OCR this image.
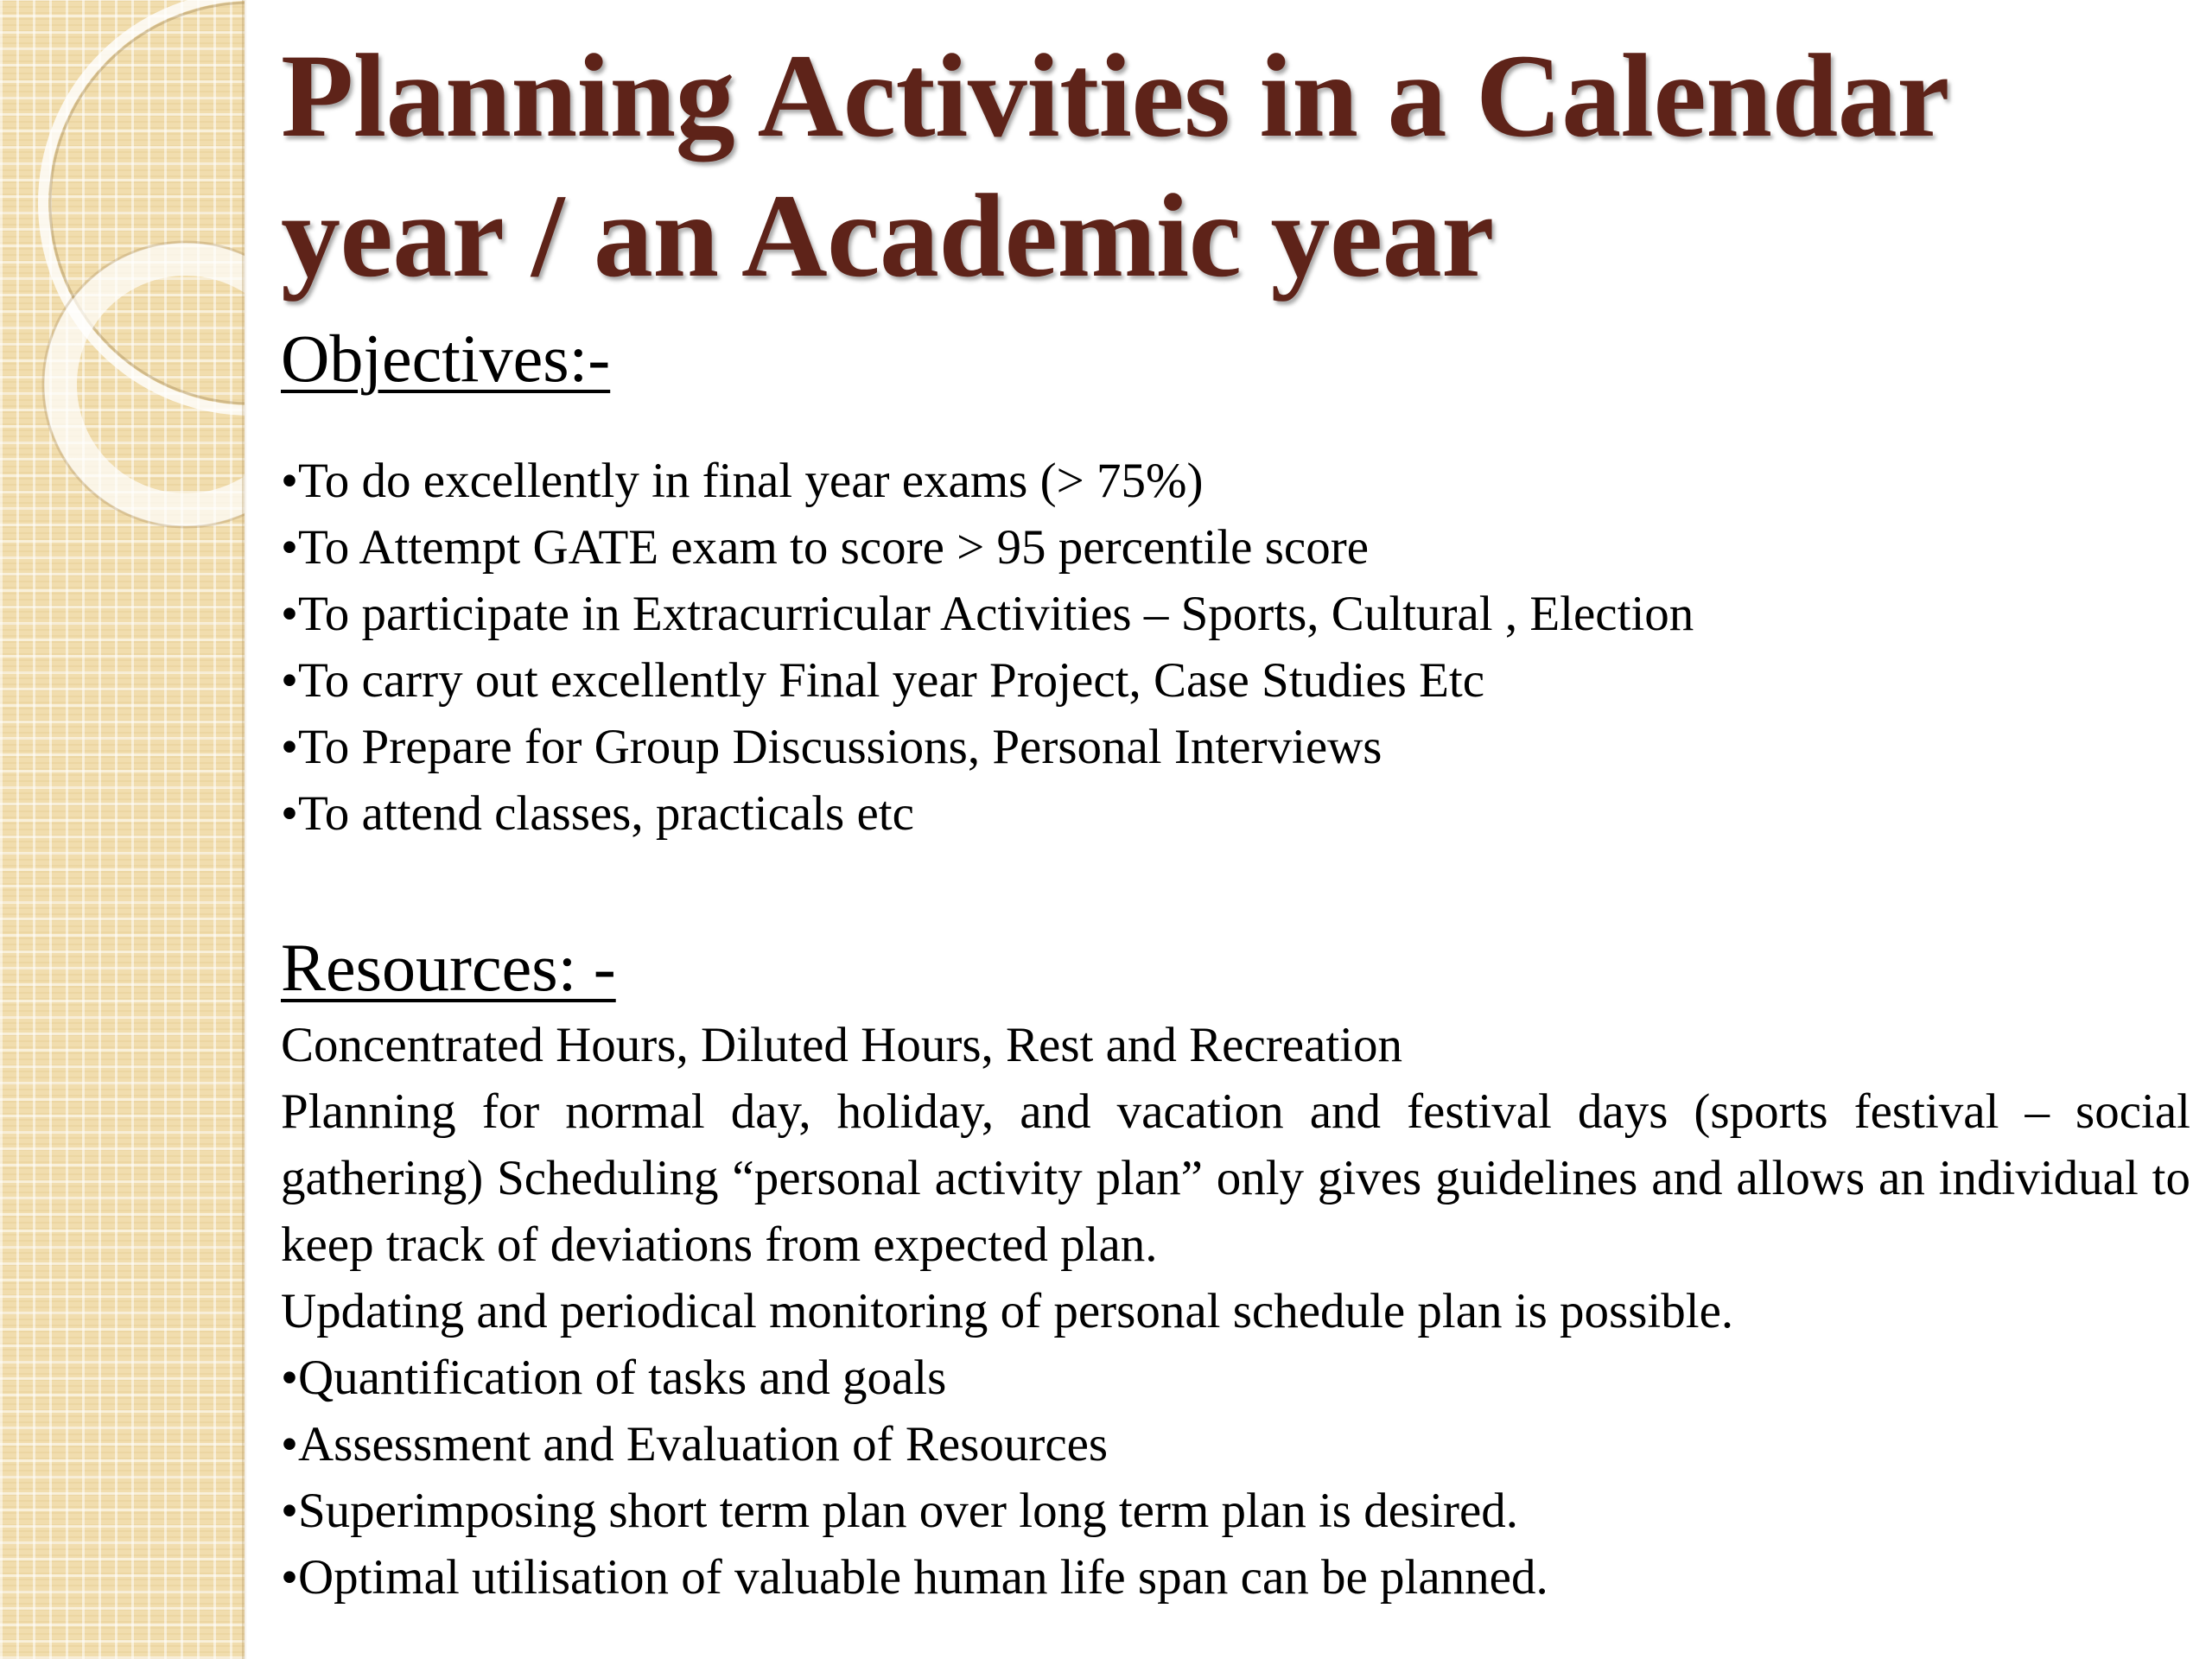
Planning Activities in a Calendar year / an Academic year
Objectives:-
• To do excellently in final year exams (> 75%)
• To Attempt GATE exam to score > 95 percentile score
• To participate in Extracurricular Activities – Sports, Cultural , Election
• To carry out excellently Final year Project, Case Studies Etc
• To Prepare for Group Discussions, Personal Interviews
• To attend classes, practicals etc
Resources: -
Concentrated Hours, Diluted Hours, Rest and Recreation
Planning for normal day, holiday, and vacation and festival days (sports festival – social gathering) Scheduling “personal activity plan” only gives guidelines and allows an individual to keep track of deviations from expected plan.
Updating and periodical monitoring of personal schedule plan is possible.
• Quantification of tasks and goals
• Assessment and Evaluation of Resources
• Superimposing short term plan over long term plan is desired.
• Optimal utilisation of valuable human life span can be planned.
